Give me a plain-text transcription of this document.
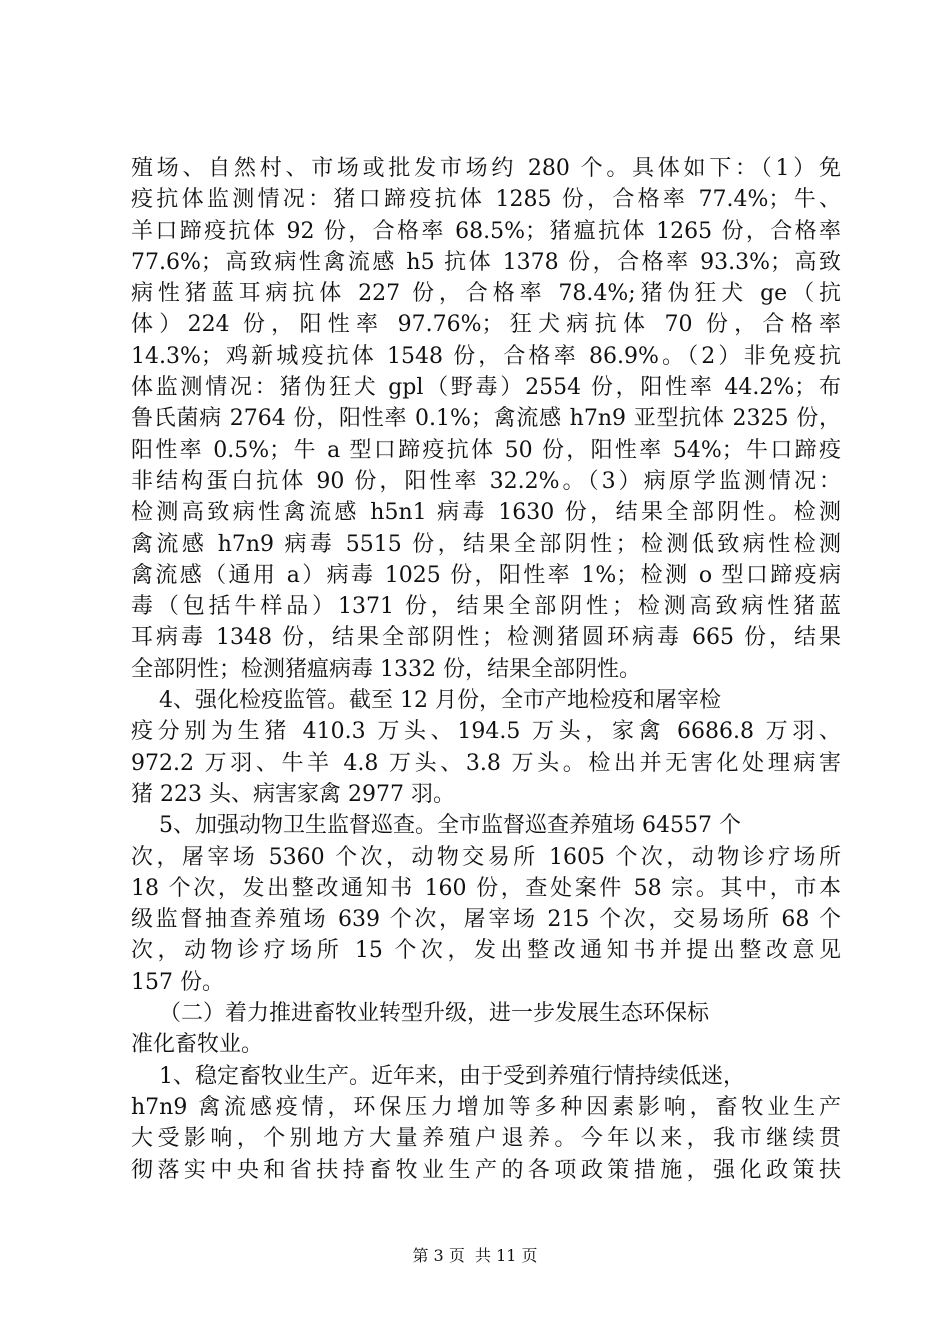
殖场、自然村、市场或批发市场约 280 个。具体如下：（1）免
疫抗体监测情况：猪口蹄疫抗体 1285 份，合格率 77.4%；牛、
羊口蹄疫抗体 92 份，合格率 68.5%；猪瘟抗体 1265 份，合格率
77.6%；高致病性禽流感 h5 抗体 1378 份，合格率 93.3%；高致
病性猪蓝耳病抗体 227 份，合格率 78.4%;猪伪狂犬 ge（抗
体）224 份，阳性率 97.76%；狂犬病抗体 70 份，合格率
14.3%；鸡新城疫抗体 1548 份，合格率 86.9%。（2）非免疫抗
体监测情况：猪伪狂犬 gpl（野毒）2554 份，阳性率 44.2%；布
鲁氏菌病 2764 份，阳性率 0.1%；禽流感 h7n9 亚型抗体 2325 份，
阳性率 0.5%；牛 a 型口蹄疫抗体 50 份，阳性率 54%；牛口蹄疫
非结构蛋白抗体 90 份，阳性率 32.2%。（3）病原学监测情况：
检测高致病性禽流感 h5n1 病毒 1630 份，结果全部阴性。检测
禽流感 h7n9 病毒 5515 份，结果全部阴性；检测低致病性检测
禽流感（通用 a）病毒 1025 份，阳性率 1%；检测 o 型口蹄疫病
毒（包括牛样品）1371 份，结果全部阴性；检测高致病性猪蓝
耳病毒 1348 份，结果全部阴性；检测猪圆环病毒 665 份，结果
全部阴性；检测猪瘟病毒 1332 份，结果全部阴性。
4、强化检疫监管。截至 12 月份，全市产地检疫和屠宰检
疫分别为生猪 410.3 万头、194.5 万头，家禽 6686.8 万羽、
972.2 万羽、牛羊 4.8 万头、3.8 万头。检出并无害化处理病害
猪 223 头、病害家禽 2977 羽。
5、加强动物卫生监督巡查。全市监督巡查养殖场 64557 个
次，屠宰场 5360 个次，动物交易所 1605 个次，动物诊疗场所
18 个次，发出整改通知书 160 份，查处案件 58 宗。其中，市本
级监督抽查养殖场 639 个次，屠宰场 215 个次，交易场所 68 个
次，动物诊疗场所 15 个次，发出整改通知书并提出整改意见
157 份。
（二）着力推进畜牧业转型升级，进一步发展生态环保标
准化畜牧业。
1、稳定畜牧业生产。近年来，由于受到养殖行情持续低迷，
h7n9 禽流感疫情，环保压力增加等多种因素影响，畜牧业生产
大受影响，个别地方大量养殖户退养。今年以来，我市继续贯
彻落实中央和省扶持畜牧业生产的各项政策措施，强化政策扶
第 3 页  共 11 页
